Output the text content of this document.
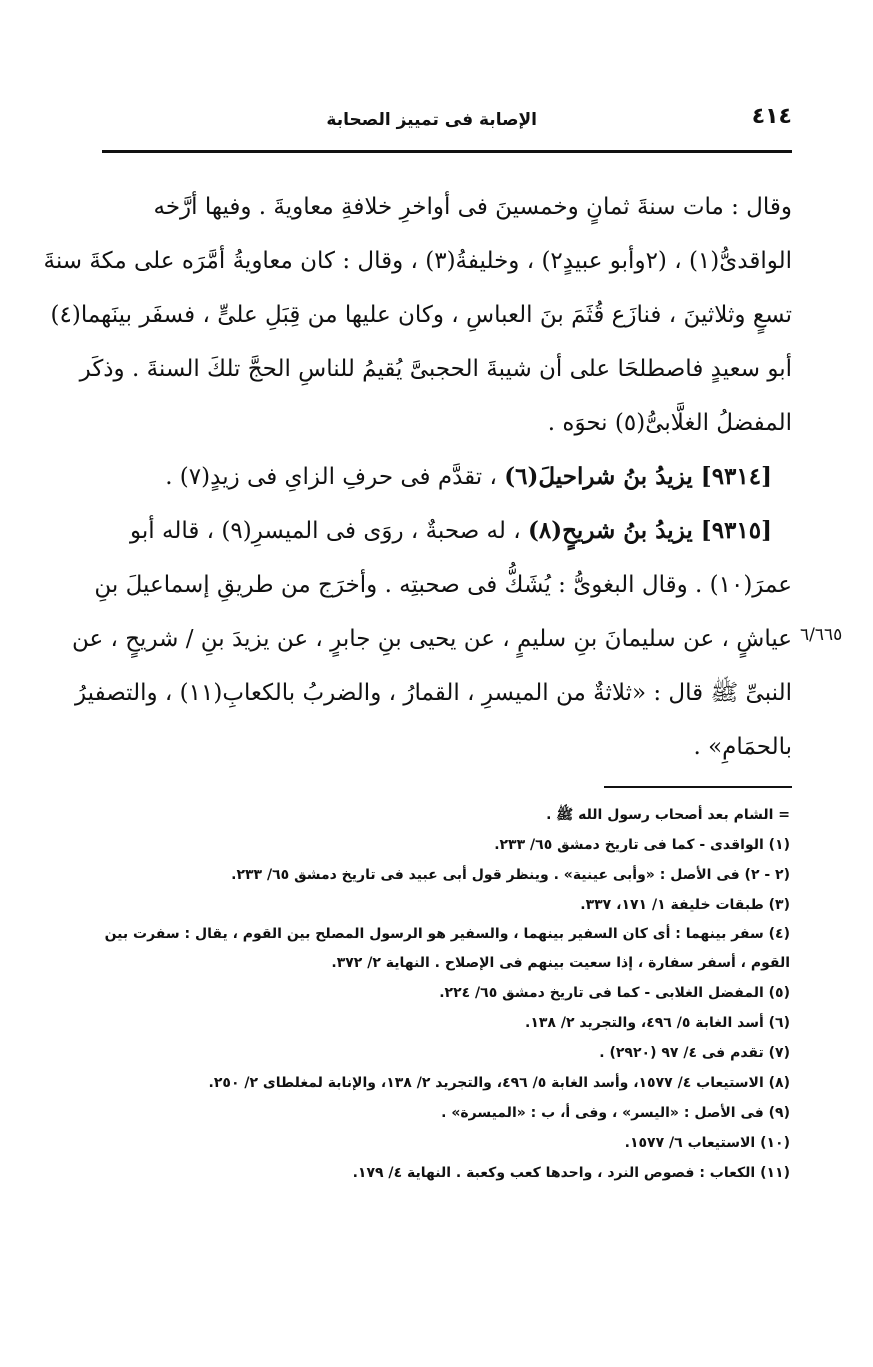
٤١٤
الإصابة فى تمييز الصحابة
وقال : مات سنةَ ثمانٍ وخمسينَ فى أواخرِ خلافةِ معاويةَ . وفيها أرَّخه
الواقدىُّ(١) ، (٢وأبو عبيدٍ٢) ، وخليفةُ(٣) ، وقال : كان معاويةُ أمَّرَه على مكةَ سنةَ
تسعٍ وثلاثينَ ، فنازَع قُثَمَ بنَ العباسِ ، وكان عليها من قِبَلِ علىٍّ ، فسفَر بينَهما(٤)
أبو سعيدٍ فاصطلحَا على أن شيبةَ الحجبىَّ يُقيمُ للناسِ الحجَّ تلكَ السنةَ . وذكَر
المفضلُ الغلَّابىُّ(٥) نحوَه .
[٩٣١٤] يزيدُ بنُ شراحيلَ(٦) ، تقدَّم فى حرفِ الزاىِ فى زيدٍ(٧) .
[٩٣١٥] يزيدُ بنُ شريحٍ(٨) ، له صحبةٌ ، روَى فى الميسرِ(٩) ، قاله أبو
عمرَ(١٠) . وقال البغوىُّ : يُشَكُّ فى صحبتِه . وأخرَج من طريقِ إسماعيلَ بنِ
عياشٍ ، عن سليمانَ بنِ سليمٍ ، عن يحيى بنِ جابرٍ ، عن يزيدَ بنِ / شريحٍ ، عن
النبىِّ ﷺ قال : «ثلاثةٌ من الميسرِ ، القمارُ ، والضربُ بالكعابِ(١١) ، والتصفيرُ
بالحمَامِ» .
٦/٦٦٥
= الشام بعد أصحاب رسول الله ﷺ .
(١) الواقدى - كما فى تاريخ دمشق ٦٥/ ٢٣٣.
(٢ - ٢) فى الأصل : «وأبى عينية» . وينظر قول أبى عبيد فى تاريخ دمشق ٦٥/ ٢٣٣.
(٣) طبقات خليفة ١/ ١٧١، ٣٣٧.
(٤) سفر بينهما : أى كان السفير بينهما ، والسفير هو الرسول المصلح بين القوم ، يقال : سفرت بين القوم ، أسفر سفارة ، إذا سعيت بينهم فى الإصلاح . النهاية ٢/ ٣٧٢.
(٥) المفضل الغلابى - كما فى تاريخ دمشق ٦٥/ ٢٢٤.
(٦) أسد الغابة ٥/ ٤٩٦، والتجريد ٢/ ١٣٨.
(٧) تقدم فى ٤/ ٩٧ (٢٩٢٠) .
(٨) الاستيعاب ٤/ ١٥٧٧، وأسد الغابة ٥/ ٤٩٦، والتجريد ٢/ ١٣٨، والإنابة لمغلطاى ٢/ ٢٥٠.
(٩) فى الأصل : «اليسر» ، وفى أ، ب : «الميسرة» .
(١٠) الاستيعاب ٦/ ١٥٧٧.
(١١) الكعاب : فصوص النرد ، واحدها كعب وكعبة . النهاية ٤/ ١٧٩.
